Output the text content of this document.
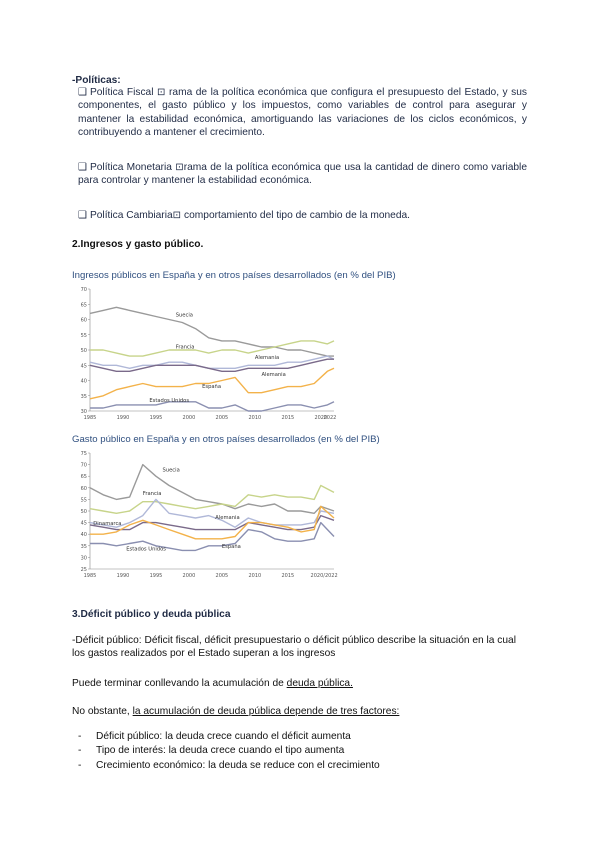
-Políticas:
❑ Política Fiscal ⊡ rama de la política económica que configura el presupuesto del Estado, y sus componentes, el gasto público y los impuestos, como variables de control para asegurar y mantener la estabilidad económica, amortiguando las variaciones de los ciclos económicos, y contribuyendo a mantener el crecimiento.
❑ Política Monetaria ⊡rama de la política económica que usa la cantidad de dinero como variable para controlar y mantener la estabilidad económica.
❑ Política Cambiaria⊡ comportamiento del tipo de cambio de la moneda.
2.Ingresos y gasto público.
Ingresos públicos en España y en otros países desarrollados (en % del PIB)
70
65
60
55
50
45
40
35
30
1985	1990	1995	2000	2005	2010	2015	2020
2022
Suecia
Francia
Alemania
Alemania
España
Estados Unidos
Gasto público en España y en otros países desarrollados (en % del PIB)
75
70
65
60
55
50
45
40
35
30
25
1985	1990	1995	2000	2005	2010	2015	2020/2022
Suecia
Francia
Alemania
Dinamarca
Estados Unidos	España
3.Déficit público y deuda pública
-Déficit público: Déficit fiscal, déficit presupuestario o déficit público describe la situación en la cual los gastos realizados por el Estado superan a los ingresos
Puede terminar conllevando la acumulación de deuda pública.
No obstante, la acumulación de deuda pública depende de tres factores:
- Déficit público: la deuda crece cuando el déficit aumenta
- Tipo de interés: la deuda crece cuando el tipo aumenta
- Crecimiento económico: la deuda se reduce con el crecimiento
